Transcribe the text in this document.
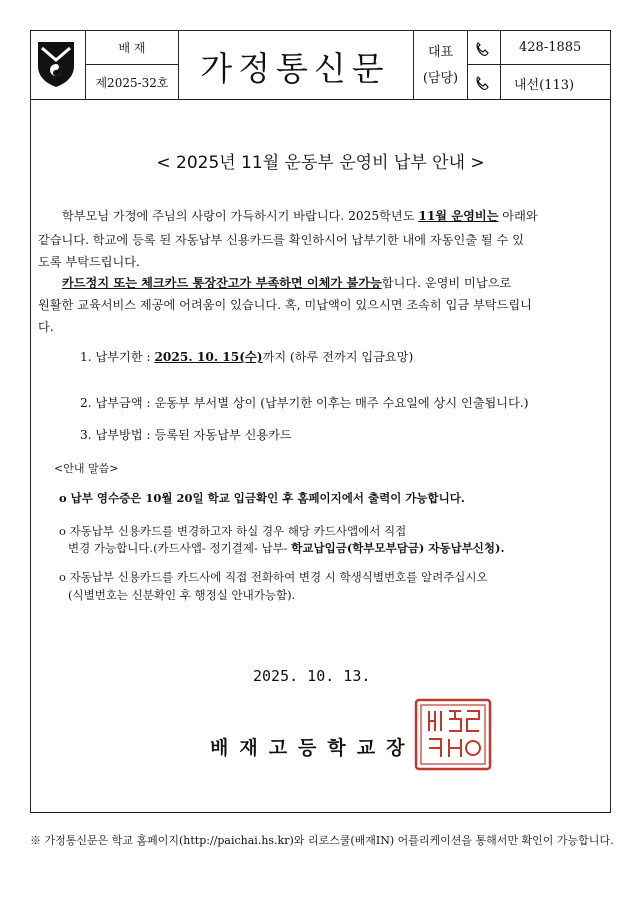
배 재
제2025-32호 가정통신문	대표
(담당)
428-1885
내선(113)
< 2025년 11월 운동부 운영비 납부 안내 >
학부모님 가정에 주님의 사랑이 가득하시기 바랍니다. 2025학년도 11월 운영비는 아래와
같습니다. 학교에 등록 된 자동납부 신용카드를 확인하시어 납부기한 내에 자동인출 될 수 있
도록 부탁드립니다.
카드정지 또는 체크카드 통장잔고가 부족하면 이체가 불가능합니다. 운영비 미납으로
원활한 교육서비스 제공에 어려움이 있습니다. 혹, 미납액이 있으시면 조속히 입금 부탁드립니
다.
1. 납부기한 : 2025. 10. 15(수)까지 (하루 전까지 입금요망)
2. 납부금액 : 운동부 부서별 상이 (납부기한 이후는 매주 수요일에 상시 인출됩니다.)
3. 납부방법 : 등록된 자동납부 신용카드
<안내 말씀>
o 납부 영수증은 10월 20일 학교 입금확인 후 홈페이지에서 출력이 가능합니다.
o 자동납부 신용카드를 변경하고자 하실 경우 해당 카드사앱에서 직접
변경 가능합니다.(카드사앱- 정기결제- 납부- 학교납입금(학부모부담금) 자동납부신청).
o 자동납부 신용카드를 카드사에 직접 전화하여 변경 시 학생식별번호를 알려주십시오
(식별번호는 신분확인 후 행정실 안내가능함).
2025. 10. 13.
배재고등학교장
※ 가정통신문은 학교 홈페이지(http://paichai.hs.kr)와 리로스쿨(배재IN) 어플리케이션을 통해서만 확인이 가능합니다.
